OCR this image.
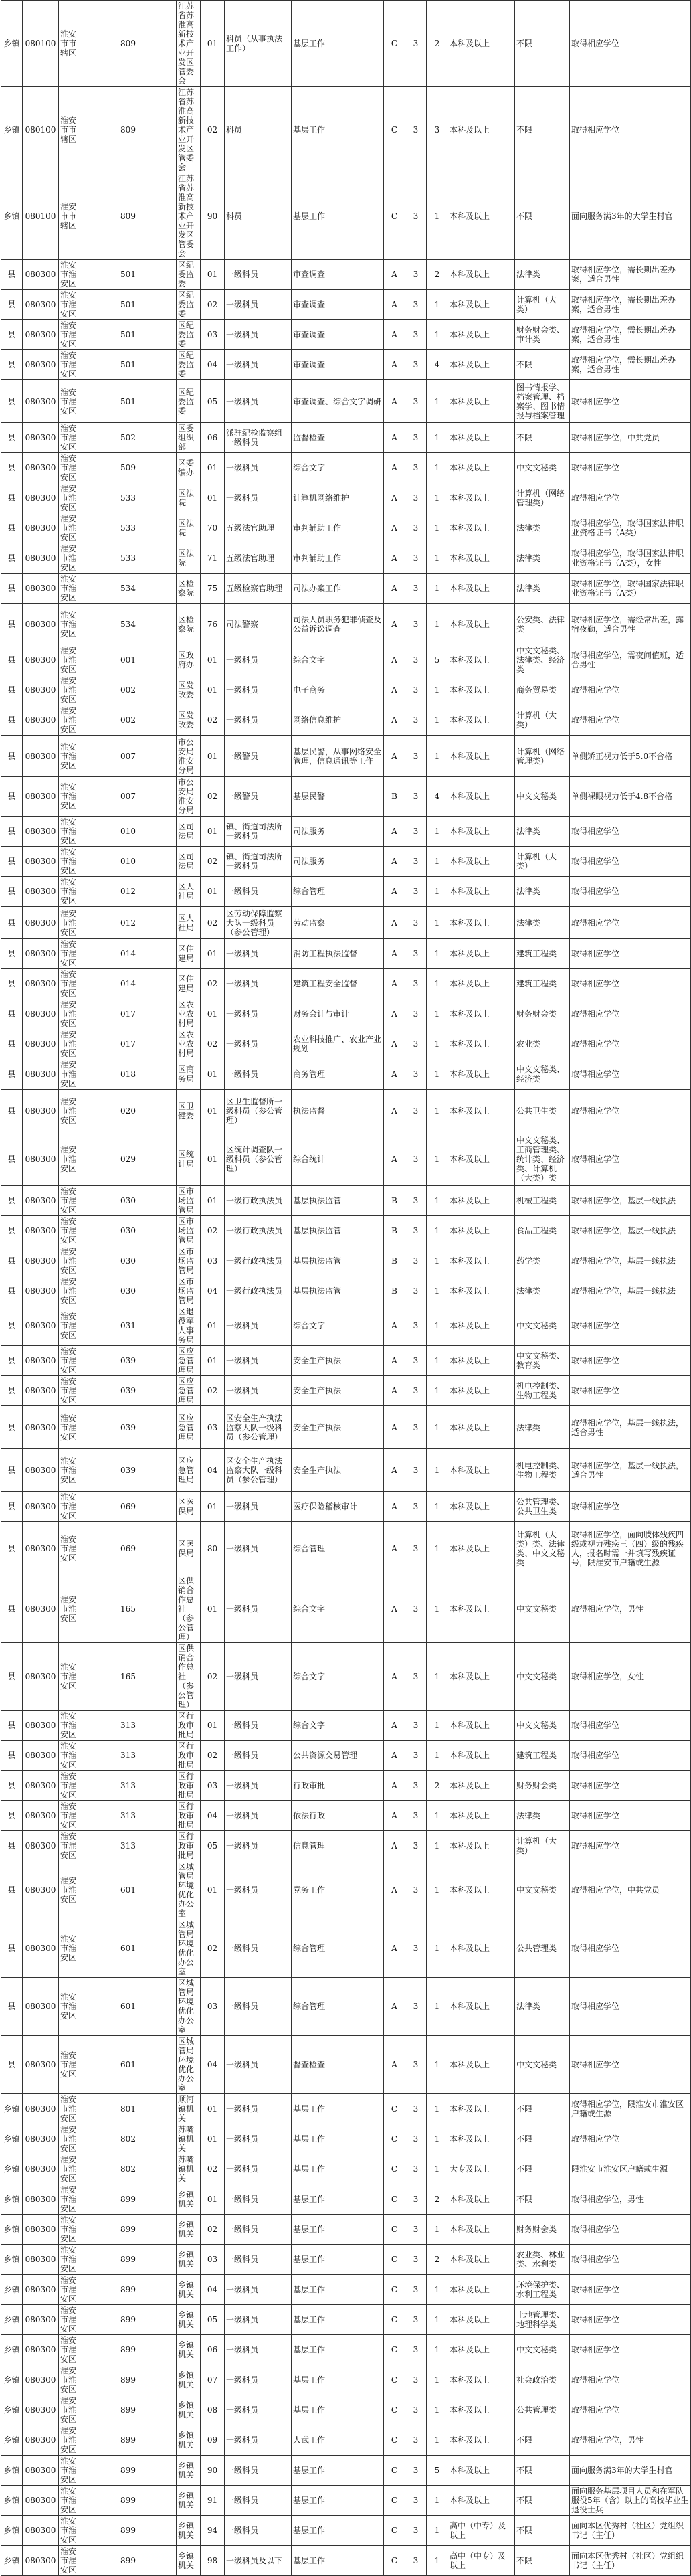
乡镇	080100	淮安市市辖区	809	江苏省苏淮高新技术产业开发区管委会	01	科员（从事执法工作）	基层工作	C	3	2	本科及以上	不限	取得相应学位
乡镇	080100	淮安市市辖区	809	江苏省苏淮高新技术产业开发区管委会	02	科员	基层工作	C	3	3	本科及以上	不限	取得相应学位
乡镇	080100	淮安市市辖区	809	江苏省苏淮高新技术产业开发区管委会	90	科员	基层工作	C	3	1	本科及以上	不限	面向服务满3年的大学生村官
县	080300	淮安市淮安区	501	区纪委监委	01	一级科员	审查调查	A	3	2	本科及以上	法律类	取得相应学位，需长期出差办案，适合男性
县	080300	淮安市淮安区	501	区纪委监委	02	一级科员	审查调查	A	3	1	本科及以上	计算机（大类）	取得相应学位，需长期出差办案，适合男性
县	080300	淮安市淮安区	501	区纪委监委	03	一级科员	审查调查	A	3	1	本科及以上	财务财会类、审计类	取得相应学位，需长期出差办案，适合男性
县	080300	淮安市淮安区	501	区纪委监委	04	一级科员	审查调查	A	3	4	本科及以上	不限	取得相应学位，需长期出差办案，适合男性
县	080300	淮安市淮安区	501	区纪委监委	05	一级科员	审查调查、综合文字调研	A	3	1	本科及以上	图书情报学、档案管理、档案学、图书情报与档案管理	取得相应学位
县	080300	淮安市淮安区	502	区委组织部	06	派驻纪检监察组一级科员	监督检查	A	3	1	本科及以上	不限	取得相应学位，中共党员
县	080300	淮安市淮安区	509	区委编办	01	一级科员	综合文字	A	3	1	本科及以上	中文文秘类	取得相应学位
县	080300	淮安市淮安区	533	区法院	01	一级科员	计算机网络维护	A	3	1	本科及以上	计算机（网络管理类）	取得相应学位
县	080300	淮安市淮安区	533	区法院	70	五级法官助理	审判辅助工作	A	3	1	本科及以上	法律类	取得相应学位，取得国家法律职业资格证书（A类）
县	080300	淮安市淮安区	533	区法院	71	五级法官助理	审判辅助工作	A	3	1	本科及以上	法律类	取得相应学位，取得国家法律职业资格证书（A类），女性
县	080300	淮安市淮安区	534	区检察院	75	五级检察官助理	司法办案工作	A	3	1	本科及以上	法律类	取得相应学位，取得国家法律职业资格证书（A类）
县	080300	淮安市淮安区	534	区检察院	76	司法警察	司法人员职务犯罪侦查及公益诉讼调查	A	3	1	本科及以上	公安类、法律类	取得相应学位，需经常出差，露宿夜勤，适合男性
县	080300	淮安市淮安区	001	区政府办	01	一级科员	综合文字	A	3	5	本科及以上	中文文秘类、法律类、经济类	取得相应学位，需夜间值班，适合男性
县	080300	淮安市淮安区	002	区发改委	01	一级科员	电子商务	A	3	1	本科及以上	商务贸易类	取得相应学位
县	080300	淮安市淮安区	002	区发改委	02	一级科员	网络信息维护	A	3	1	本科及以上	计算机（大类）	取得相应学位
县	080300	淮安市淮安区	007	市公安局淮安分局	01	一级警员	基层民警，从事网络安全管理，信息通讯等工作	A	3	1	本科及以上	计算机（网络管理类）	单侧矫正视力低于5.0不合格
县	080300	淮安市淮安区	007	市公安局淮安分局	02	一级警员	基层民警	B	3	4	本科及以上	中文文秘类	单侧裸眼视力低于4.8不合格
县	080300	淮安市淮安区	010	区司法局	01	镇、街道司法所一级科员	司法服务	A	3	1	本科及以上	法律类	取得相应学位
县	080300	淮安市淮安区	010	区司法局	02	镇、街道司法所一级科员	司法服务	A	3	1	本科及以上	计算机（大类）	取得相应学位
县	080300	淮安市淮安区	012	区人社局	01	一级科员	综合管理	A	3	1	本科及以上	法律类	取得相应学位
县	080300	淮安市淮安区	012	区人社局	02	区劳动保障监察大队一级科员（参公管理）	劳动监察	A	3	1	本科及以上	法律类	取得相应学位
县	080300	淮安市淮安区	014	区住建局	01	一级科员	消防工程执法监督	A	3	1	本科及以上	建筑工程类	取得相应学位
县	080300	淮安市淮安区	014	区住建局	02	一级科员	建筑工程安全监督	A	3	1	本科及以上	建筑工程类	取得相应学位
县	080300	淮安市淮安区	017	区农业农村局	01	一级科员	财务会计与审计	A	3	1	本科及以上	财务财会类	取得相应学位
县	080300	淮安市淮安区	017	区农业农村局	02	一级科员	农业科技推广、农业产业规划	A	3	1	本科及以上	农业类	取得相应学位
县	080300	淮安市淮安区	018	区商务局	01	一级科员	商务管理	A	3	1	本科及以上	中文文秘类、经济类	取得相应学位
县	080300	淮安市淮安区	020	区卫健委	01	区卫生监督所一级科员（参公管理）	执法监督	A	3	1	本科及以上	公共卫生类	取得相应学位
县	080300	淮安市淮安区	029	区统计局	01	区统计调查队一级科员（参公管理）	综合统计	A	3	1	本科及以上	中文文秘类、工商管理类、统计类、经济类、计算机（大类）类	取得相应学位
县	080300	淮安市淮安区	030	区市场监管局	01	一级行政执法员	基层执法监管	B	3	1	本科及以上	机械工程类	取得相应学位，基层一线执法
县	080300	淮安市淮安区	030	区市场监管局	02	一级行政执法员	基层执法监管	B	3	1	本科及以上	食品工程类	取得相应学位，基层一线执法
县	080300	淮安市淮安区	030	区市场监管局	03	一级行政执法员	基层执法监管	B	3	1	本科及以上	药学类	取得相应学位，基层一线执法
县	080300	淮安市淮安区	030	区市场监管局	04	一级行政执法员	基层执法监管	B	3	1	本科及以上	法律类	取得相应学位，基层一线执法
县	080300	淮安市淮安区	031	区退役军人事务局	01	一级科员	综合文字	A	3	1	本科及以上	中文文秘类	取得相应学位
县	080300	淮安市淮安区	039	区应急管理局	01	一级科员	安全生产执法	A	3	1	本科及以上	中文文秘类、教育类	取得相应学位
县	080300	淮安市淮安区	039	区应急管理局	02	一级科员	安全生产执法	A	3	1	本科及以上	机电控制类、生物工程类	取得相应学位
县	080300	淮安市淮安区	039	区应急管理局	03	区安全生产执法监察大队一级科员（参公管理）	安全生产执法	A	3	1	本科及以上	法律类	取得相应学位，基层一线执法，适合男性
县	080300	淮安市淮安区	039	区应急管理局	04	区安全生产执法监察大队一级科员（参公管理）	安全生产执法	A	3	1	本科及以上	机电控制类、生物工程类	取得相应学位，基层一线执法，适合男性
县	080300	淮安市淮安区	069	区医保局	01	一级科员	医疗保险稽核审计	A	3	1	本科及以上	公共管理类、公共卫生类	取得相应学位
县	080300	淮安市淮安区	069	区医保局	80	一级科员	综合管理	A	3	1	本科及以上	计算机（大类）类、法律类、中文文秘类	取得相应学位，面向肢体残疾四级或视力残疾三（四）级的残疾人，报名时需一并填写残疾证号，限淮安市户籍或生源
县	080300	淮安市淮安区	165	区供销合作总社（参公管理）	01	一级科员	综合文字	A	3	1	本科及以上	中文文秘类	取得相应学位，男性
县	080300	淮安市淮安区	165	区供销合作总社（参公管理）	02	一级科员	综合文字	A	3	1	本科及以上	中文文秘类	取得相应学位，女性
县	080300	淮安市淮安区	313	区行政审批局	01	一级科员	综合文字	A	3	1	本科及以上	中文文秘类	取得相应学位
县	080300	淮安市淮安区	313	区行政审批局	02	一级科员	公共资源交易管理	A	3	1	本科及以上	建筑工程类	取得相应学位
县	080300	淮安市淮安区	313	区行政审批局	03	一级科员	行政审批	A	3	2	本科及以上	财务财会类	取得相应学位
县	080300	淮安市淮安区	313	区行政审批局	04	一级科员	依法行政	A	3	1	本科及以上	法律类	取得相应学位
县	080300	淮安市淮安区	313	区行政审批局	05	一级科员	信息管理	A	3	1	本科及以上	计算机（大类）	取得相应学位
县	080300	淮安市淮安区	601	区城管局环境优化办公室	01	一级科员	党务工作	A	3	1	本科及以上	中文文秘类	取得相应学位，中共党员
县	080300	淮安市淮安区	601	区城管局环境优化办公室	02	一级科员	综合管理	A	3	1	本科及以上	公共管理类	取得相应学位
县	080300	淮安市淮安区	601	区城管局环境优化办公室	03	一级科员	综合管理	A	3	1	本科及以上	法律类	取得相应学位
县	080300	淮安市淮安区	601	区城管局环境优化办公室	04	一级科员	督查检查	A	3	1	本科及以上	中文文秘类	取得相应学位
乡镇	080300	淮安市淮安区	801	顺河镇机关	01	一级科员	基层工作	C	3	1	本科及以上	不限	取得相应学位，限淮安市淮安区户籍或生源
乡镇	080300	淮安市淮安区	802	苏嘴镇机关	01	一级科员	基层工作	C	3	1	本科及以上	不限	取得相应学位
乡镇	080300	淮安市淮安区	802	苏嘴镇机关	02	一级科员	基层工作	C	3	1	大专及以上	不限	限淮安市淮安区户籍或生源
乡镇	080300	淮安市淮安区	899	乡镇机关	01	一级科员	基层工作	C	3	2	本科及以上	不限	取得相应学位，男性
乡镇	080300	淮安市淮安区	899	乡镇机关	02	一级科员	基层工作	C	3	1	本科及以上	财务财会类	取得相应学位
乡镇	080300	淮安市淮安区	899	乡镇机关	03	一级科员	基层工作	C	3	2	本科及以上	农业类、林业类、水利类	取得相应学位
乡镇	080300	淮安市淮安区	899	乡镇机关	04	一级科员	基层工作	C	3	1	本科及以上	环境保护类、水利工程类	取得相应学位
乡镇	080300	淮安市淮安区	899	乡镇机关	05	一级科员	基层工作	C	3	1	本科及以上	土地管理类、地理科学类	取得相应学位
乡镇	080300	淮安市淮安区	899	乡镇机关	06	一级科员	基层工作	C	3	1	本科及以上	中文文秘类	取得相应学位
乡镇	080300	淮安市淮安区	899	乡镇机关	07	一级科员	基层工作	C	3	1	本科及以上	社会政治类	取得相应学位
乡镇	080300	淮安市淮安区	899	乡镇机关	08	一级科员	基层工作	C	3	1	本科及以上	公共管理类	取得相应学位
乡镇	080300	淮安市淮安区	899	乡镇机关	09	一级科员	人武工作	C	3	1	本科及以上	不限	取得相应学位，男性
乡镇	080300	淮安市淮安区	899	乡镇机关	90	一级科员	基层工作	C	3	5	本科及以上	不限	面向服务满3年的大学生村官
乡镇	080300	淮安市淮安区	899	乡镇机关	91	一级科员	基层工作	C	3	1	本科及以上	不限	面向服务基层项目人员和在军队服役5年（含）以上的高校毕业生退役士兵
乡镇	080300	淮安市淮安区	899	乡镇机关	94	一级科员	基层工作	C	3	1	高中（中专）及以上	不限	面向本区优秀村（社区）党组织书记（主任）
乡镇	080300	淮安市淮安区	899	乡镇机关	98	一级科员及以下	基层工作	C	3	1	高中（中专）及以上	不限	面向本区优秀村（社区）党组织书记（主任）
